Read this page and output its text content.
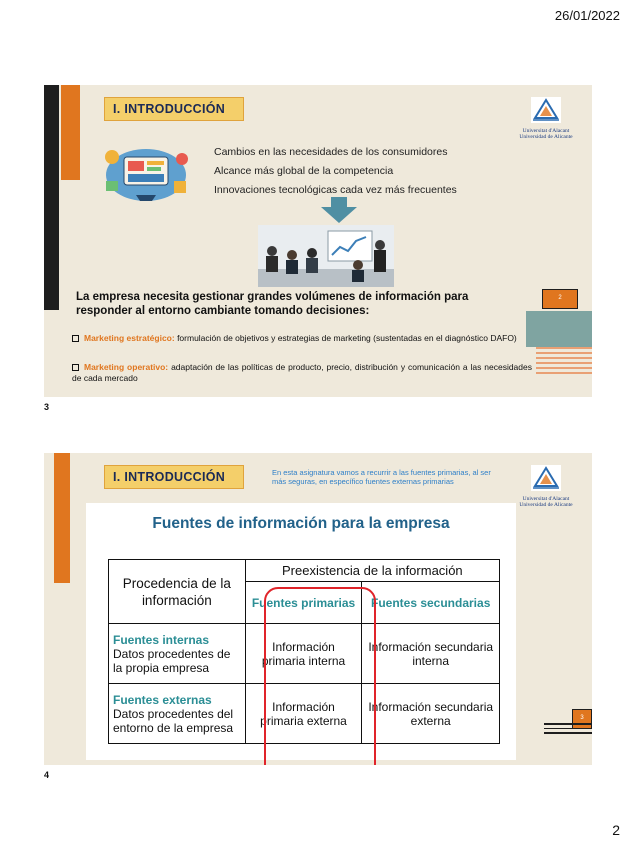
26/01/2022
I. INTRODUCCIÓN
Universitat d'Alacant
Universidad de Alicante
Cambios en las necesidades de los consumidores
Alcance más global de la competencia
Innovaciones tecnológicas cada vez más frecuentes
La empresa necesita gestionar grandes volúmenes de información para responder al entorno cambiante tomando decisiones:
Marketing estratégico: formulación de objetivos y estrategias de marketing (sustentadas en el diagnóstico DAFO)
Marketing operativo: adaptación de las políticas de producto, precio, distribución y comunicación a las necesidades de cada mercado
2
3
I. INTRODUCCIÓN	En esta asignatura vamos a recurrir a las fuentes primarias, al ser más seguras, en específico fuentes externas primarias
Universitat d'Alacant
Universidad de Alicante
Fuentes de información para la empresa
Procedencia de la información	Preexistencia de la información	
	Fuentes primarias	Fuentes secundarias

Fuentes internas
Datos procedentes de la propia empresa	Información primaria interna	Información secundaria interna

Fuentes externas
Datos procedentes del entorno de la empresa	Información primaria externa	Información secundaria externa	3
4
2
